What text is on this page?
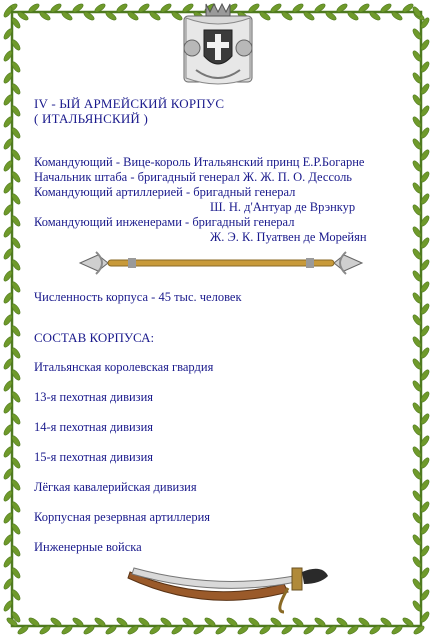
IV - ЫЙ АРМЕЙСКИЙ КОРПУС
( ИТАЛЬЯНСКИЙ )
Командующий - Вице-король Итальянский принц Е.Р.Богарне
Начальник штаба - бригадный генерал Ж. Ж. П. О. Дессоль
Командующий артиллерией - бригадный генерал
Ш. Н. д'Антуар де Врэнкур
Командующий инженерами - бригадный генерал
Ж. Э. К. Пуатвен де Морейян
Численность корпуса - 45 тыс. человек
СОСТАВ КОРПУСА:
Итальянская королевская гвардия
13-я пехотная дивизия
14-я пехотная дивизия
15-я пехотная дивизия
Лёгкая кавалерийская дивизия
Корпусная резервная артиллерия
Инженерные войска
